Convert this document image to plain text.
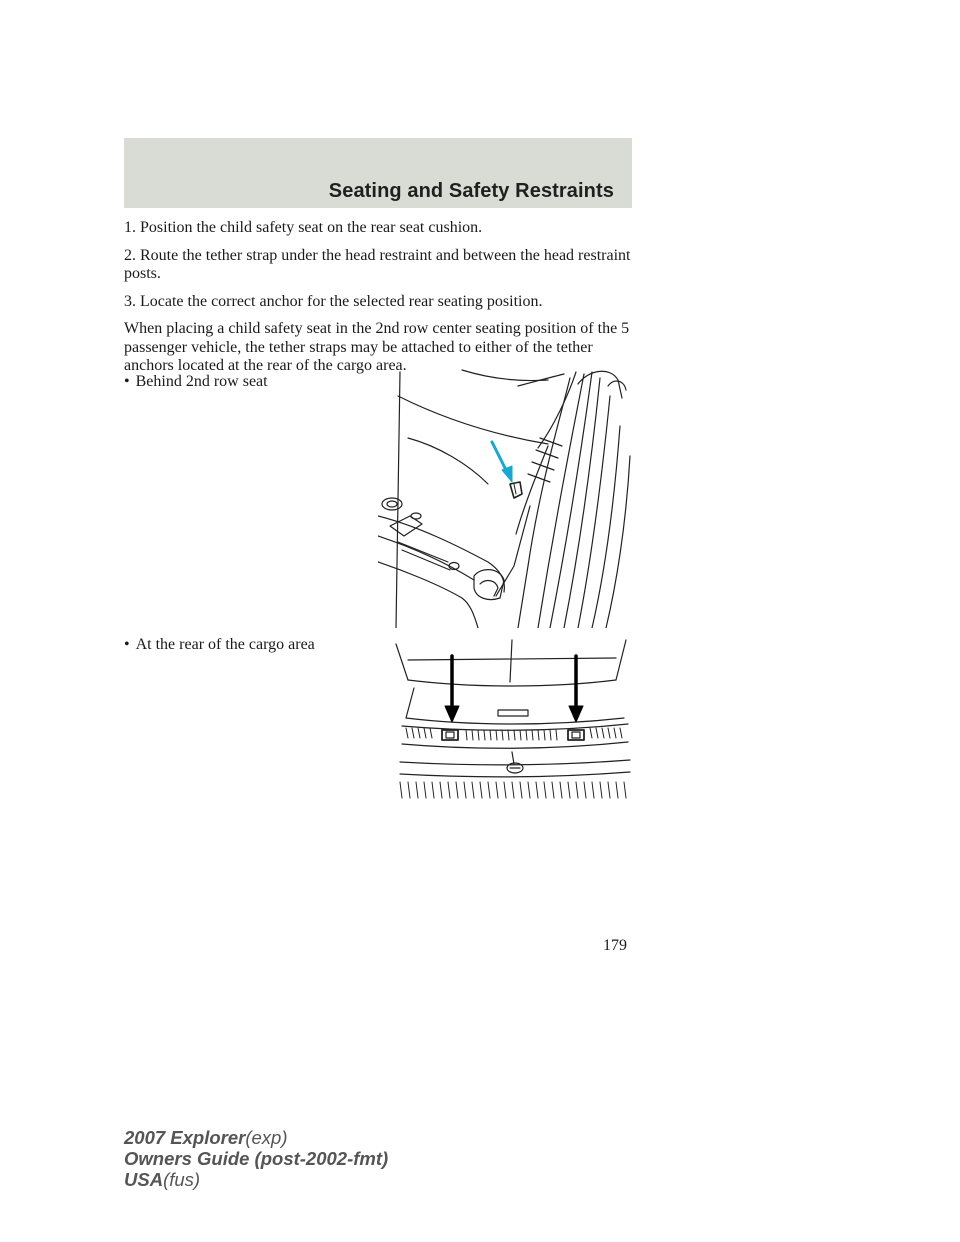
Seating and Safety Restraints

1. Position the child safety seat on the rear seat cushion.

2. Route the tether strap under the head restraint and between the head restraint posts.

3. Locate the correct anchor for the selected rear seating position.

When placing a child safety seat in the 2nd row center seating position of the 5 passenger vehicle, the tether straps may be attached to either of the tether anchors located at the rear of the cargo area.

• Behind 2nd row seat
• At the rear of the cargo area
179
2007 Explorer(exp)
Owners Guide (post-2002-fmt)
USA(fus)
